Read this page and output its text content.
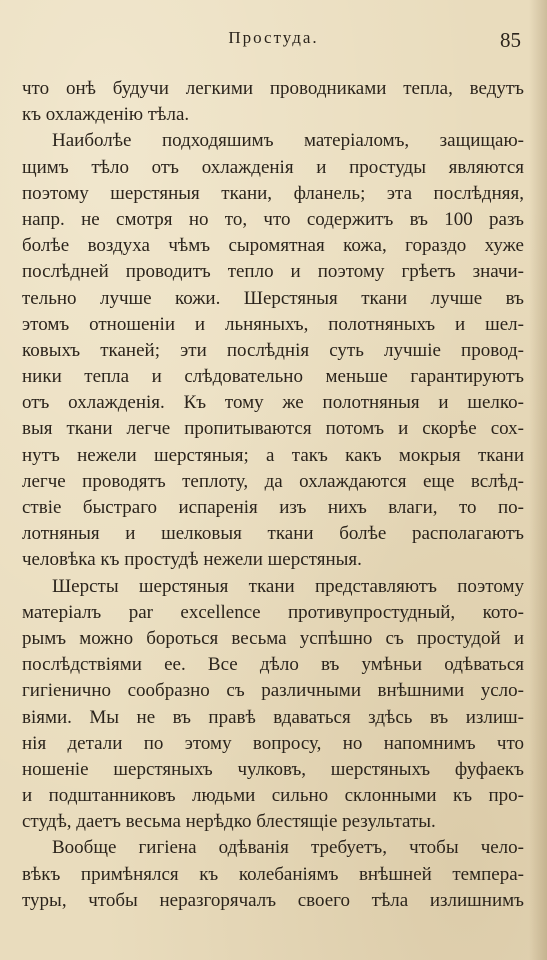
Простуда.	85
что онѣ будучи легкими проводниками тепла, ведутъ
къ охлажденію тѣла.
Наиболѣе подходяшимъ матеріаломъ, защищаю-
щимъ тѣло отъ охлажденія и простуды являются
поэтому шерстяныя ткани, фланель; эта послѣдняя,
напр. не смотря но то, что содержитъ въ 100 разъ
болѣе воздуха чѣмъ сыромятная кожа, гораздо хуже
послѣдней проводитъ тепло и поэтому грѣетъ значи-
тельно лучше кожи. Шерстяныя ткани лучше въ
этомъ отношеніи и льняныхъ, полотняныхъ и шел-
ковыхъ тканей; эти послѣднія суть лучшіе провод-
ники тепла и слѣдовательно меньше гарантируютъ
отъ охлажденія. Къ тому же полотняныя и шелко-
выя ткани легче пропитываются потомъ и скорѣе сох-
нутъ нежели шерстяныя; а такъ какъ мокрыя ткани
легче проводятъ теплоту, да охлаждаются еще вслѣд-
ствіе быстраго испаренія изъ нихъ влаги, то по-
лотняныя и шелковыя ткани болѣе располагаютъ
человѣка къ простудѣ нежели шерстяныя.
Шерсты шерстяныя ткани представляютъ поэтому
матеріалъ par excellence противупростудный, кото-
рымъ можно бороться весьма успѣшно съ простудой и
послѣдствіями ее. Все дѣло въ умѣньи одѣваться
гигіенично сообразно съ различными внѣшними усло-
віями. Мы не въ правѣ вдаваться здѣсь въ излиш-
нія детали по этому вопросу, но напомнимъ что
ношеніе шерстяныхъ чулковъ, шерстяныхъ фуфаекъ
и подштанниковъ людьми сильно склонными къ про-
студѣ, даетъ весьма нерѣдко блестящіе результаты.
Вообще гигіена одѣванія требуетъ, чтобы чело-
вѣкъ примѣнялся къ колебаніямъ внѣшней темпера-
туры, чтобы неразгорячалъ своего тѣла излишнимъ
